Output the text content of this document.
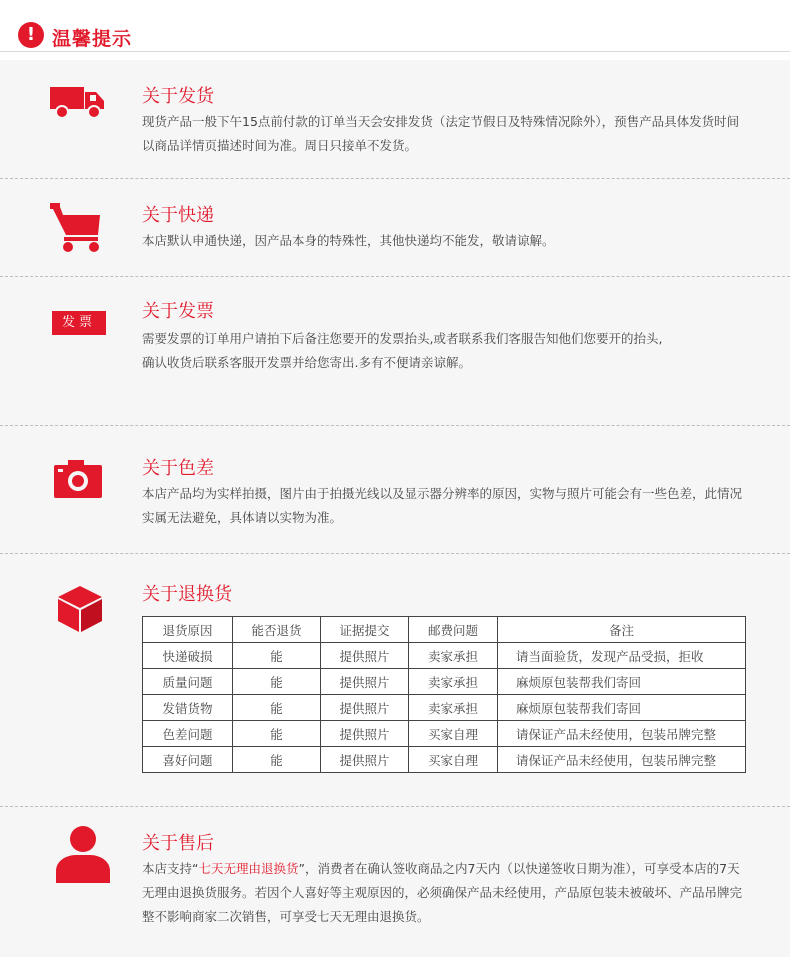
! 温馨提示
关于发货
现货产品一般下午15点前付款的订单当天会安排发货（法定节假日及特殊情况除外），预售产品具体发货时间以商品详情页描述时间为准。周日只接单不发货。
关于快递
本店默认申通快递，因产品本身的特殊性，其他快递均不能发，敬请谅解。
发票
关于发票
需要发票的订单用户请拍下后备注您要开的发票抬头,或者联系我们客服告知他们您要开的抬头,
确认收货后联系客服开发票并给您寄出.多有不便请亲谅解。
关于色差
本店产品均为实样拍摄，图片由于拍摄光线以及显示器分辨率的原因，实物与照片可能会有一些色差，此情况实属无法避免，具体请以实物为准。
关于退换货
退货原因	能否退货	证据提交	邮费问题	备注
快递破损	能	提供照片	卖家承担	请当面验货，发现产品受损，拒收
质量问题	能	提供照片	卖家承担	麻烦原包装帮我们寄回
发错货物	能	提供照片	卖家承担	麻烦原包装帮我们寄回
色差问题	能	提供照片	买家自理	请保证产品未经使用，包装吊牌完整
喜好问题	能	提供照片	买家自理	请保证产品未经使用，包装吊牌完整
关于售后
本店支持“七天无理由退换货”，消费者在确认签收商品之内7天内（以快递签收日期为准），可享受本店的7天无理由退换货服务。若因个人喜好等主观原因的，必须确保产品未经使用，产品原包装未被破坏、产品吊牌完整不影响商家二次销售，可享受七天无理由退换货。
